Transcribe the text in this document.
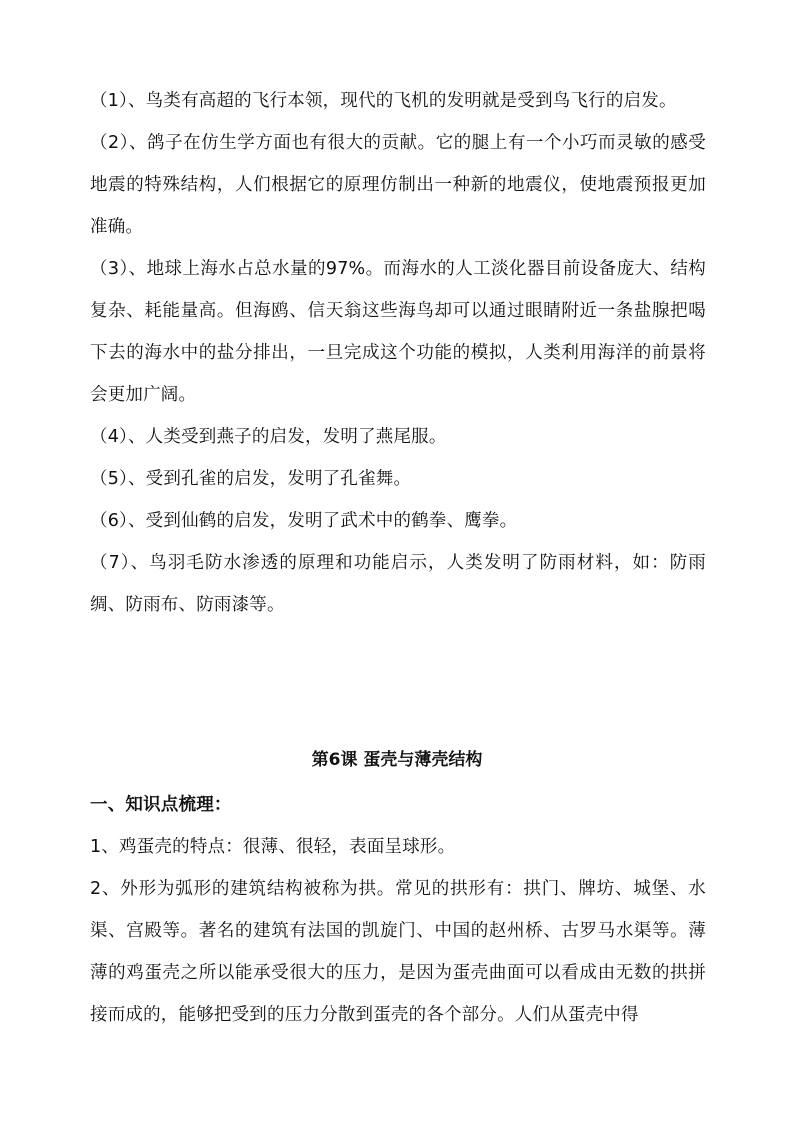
（1）、鸟类有高超的飞行本领，现代的飞机的发明就是受到鸟飞行的启发。

（2）、鸽子在仿生学方面也有很大的贡献。它的腿上有一个小巧而灵敏的感受地震的特殊结构，人们根据它的原理仿制出一种新的地震仪，使地震预报更加准确。

（3）、地球上海水占总水量的97%。而海水的人工淡化器目前设备庞大、结构复杂、耗能量高。但海鸥、信天翁这些海鸟却可以通过眼睛附近一条盐腺把喝下去的海水中的盐分排出，一旦完成这个功能的模拟，人类利用海洋的前景将会更加广阔。

（4）、人类受到燕子的启发，发明了燕尾服。

（5）、受到孔雀的启发，发明了孔雀舞。

（6）、受到仙鹤的启发，发明了武术中的鹤拳、鹰拳。

（7）、鸟羽毛防水渗透的原理和功能启示，人类发明了防雨材料，如：防雨绸、防雨布、防雨漆等。

第6课 蛋壳与薄壳结构

一、知识点梳理：

1、鸡蛋壳的特点：很薄、很轻，表面呈球形。

2、外形为弧形的建筑结构被称为拱。常见的拱形有：拱门、牌坊、城堡、水渠、宫殿等。著名的建筑有法国的凯旋门、中国的赵州桥、古罗马水渠等。薄薄的鸡蛋壳之所以能承受很大的压力，是因为蛋壳曲面可以看成由无数的拱拼接而成的，能够把受到的压力分散到蛋壳的各个部分。人们从蛋壳中得
